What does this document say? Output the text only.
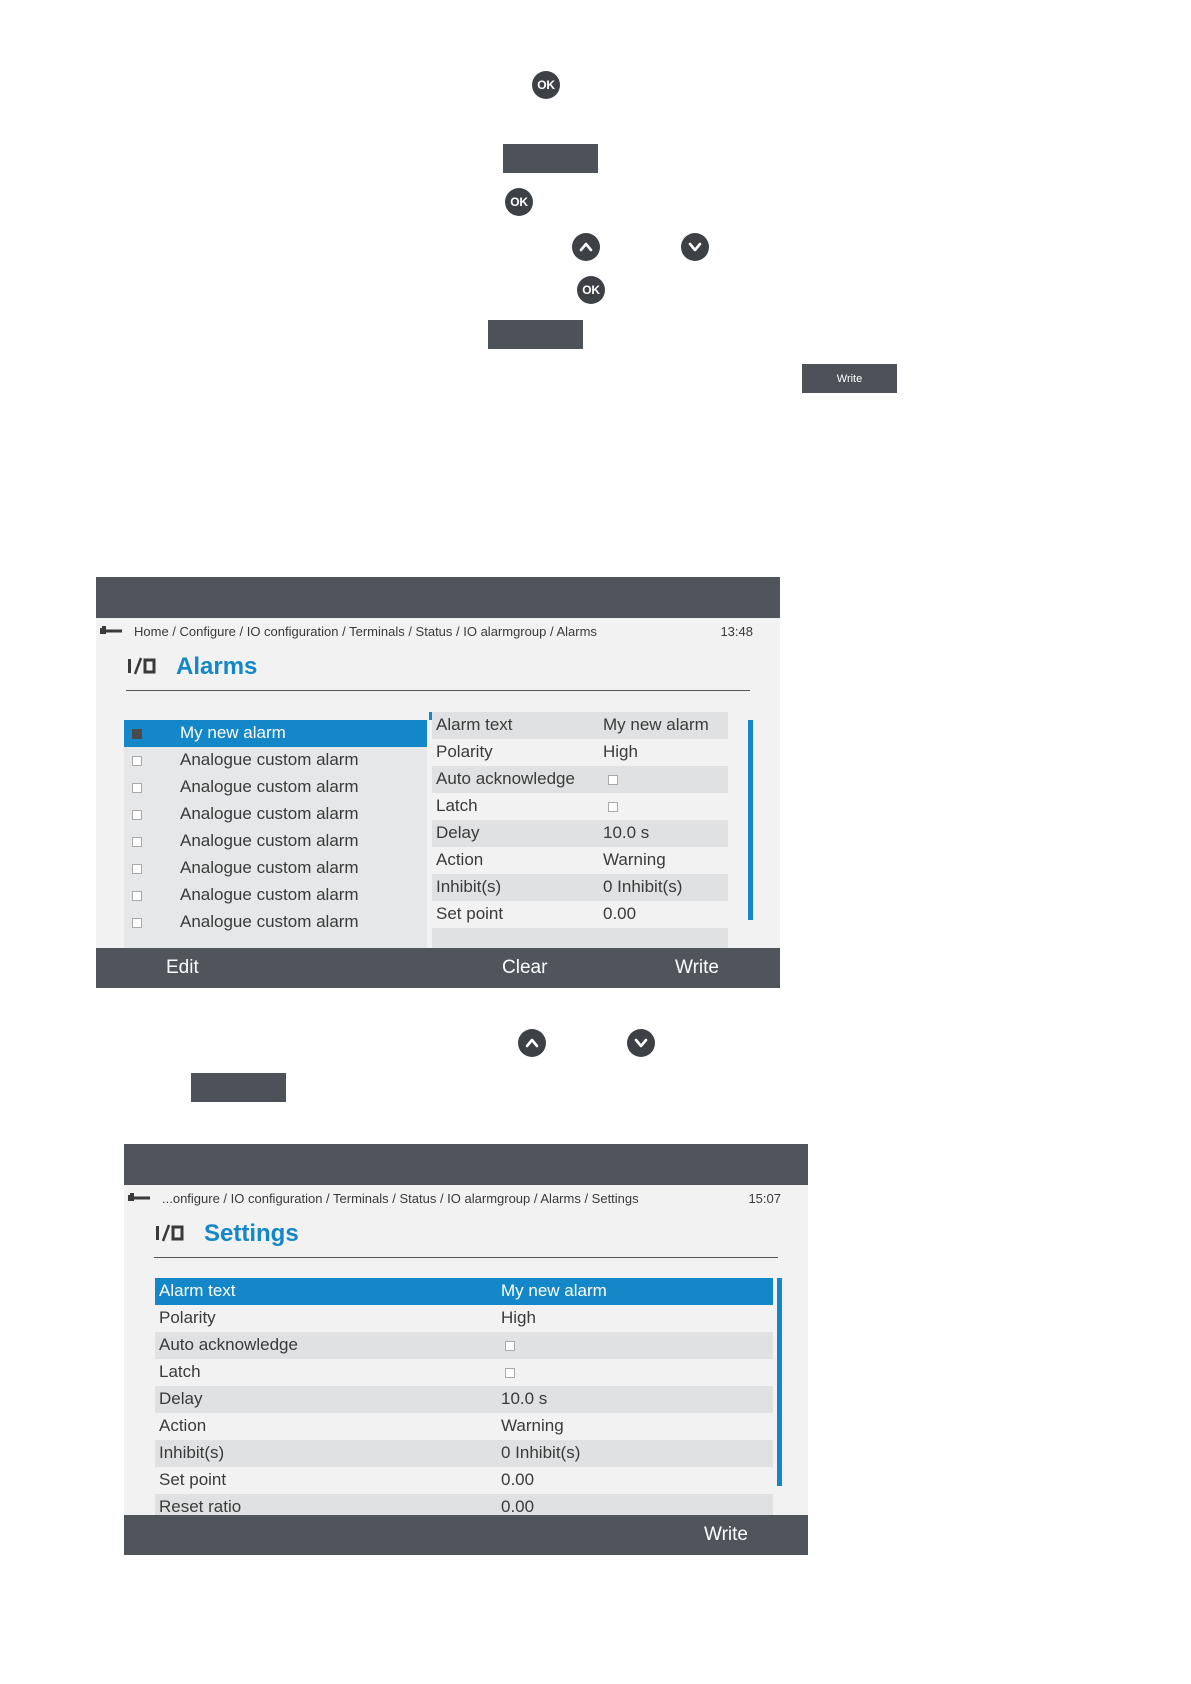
OK
OK
OK
Write
Home / Configure / IO configuration / Terminals / Status / IO alarmgroup / Alarms	13:48
Alarms
My new alarm
Analogue custom alarm
Analogue custom alarm
Analogue custom alarm
Analogue custom alarm
Analogue custom alarm
Analogue custom alarm
Analogue custom alarm
Alarm text	My new alarm
Polarity	High
Auto acknowledge
Latch
Delay	10.0 s
Action	Warning
Inhibit(s)	0 Inhibit(s)
Set point	0.00
Edit	Clear	Write
...onfigure / IO configuration / Terminals / Status / IO alarmgroup / Alarms / Settings	15:07
Settings
Alarm text	My new alarm
Polarity	High
Auto acknowledge
Latch
Delay	10.0 s
Action	Warning
Inhibit(s)	0 Inhibit(s)
Set point	0.00
Reset ratio	0.00
Write
